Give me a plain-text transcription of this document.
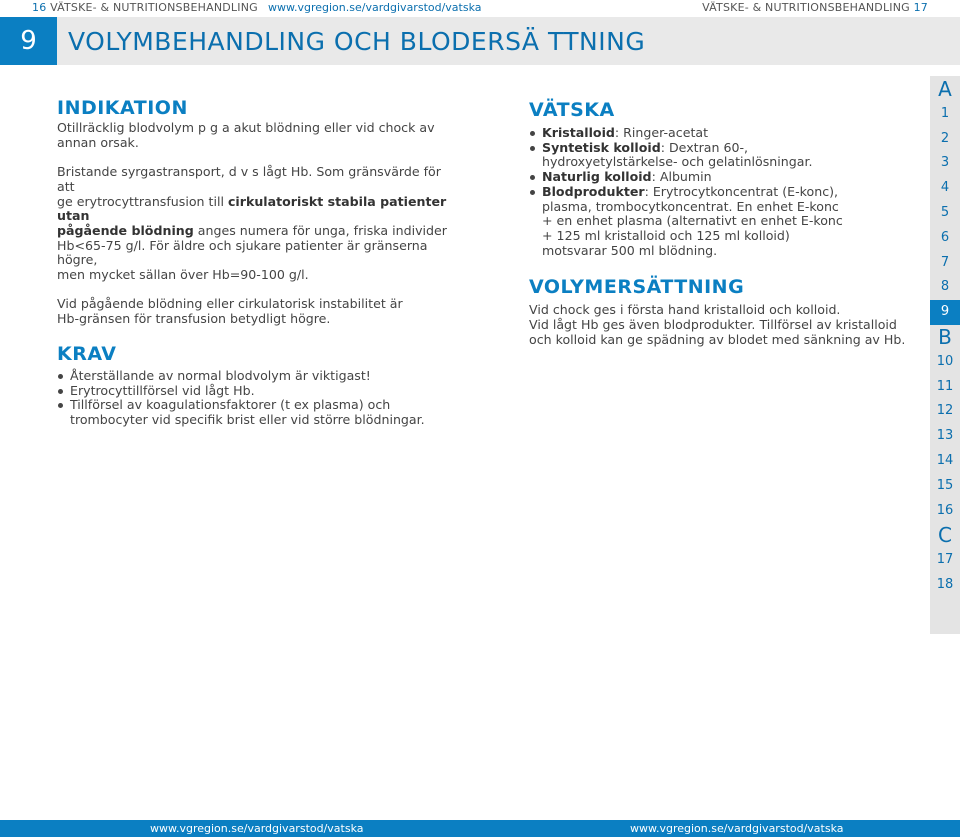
16 VÄTSKE- & NUTRITIONSBEHANDLING www.vgregion.se/vardgivarstod/vatska	VÄTSKE- & NUTRITIONSBEHANDLING 17
9	VOLYMBEHANDLING OCH BLODERSÄ TTNING
INDIKATION

Otillräcklig blodvolym p g a akut blödning eller vid chock av
annan orsak.

Bristande syrgastransport, d v s lågt Hb. Som gränsvärde för att
ge erytrocyttransfusion till cirkulatoriskt stabila patienter utan
pågående blödning anges numera för unga, friska individer
Hb<65-75 g/l. För äldre och sjukare patienter är gränserna högre,
men mycket sällan över Hb=90-100 g/l.

Vid pågående blödning eller cirkulatorisk instabilitet är
Hb-gränsen för transfusion betydligt högre.

KRAV
Återställande av normal blodvolym är viktigast!
Erytrocyttillförsel vid lågt Hb.
Tillförsel av koagulationsfaktorer (t ex plasma) och
trombocyter vid specifik brist eller vid större blödningar.
VÄTSKA
Kristalloid: Ringer-acetat
Syntetisk kolloid: Dextran 60-,
hydroxyetylstärkelse- och gelatinlösningar.
Naturlig kolloid: Albumin
Blodprodukter: Erytrocytkoncentrat (E-konc),
plasma, trombocytkoncentrat. En enhet E-konc
+ en enhet plasma (alternativt en enhet E-konc
+ 125 ml kristalloid och 125 ml kolloid)
motsvarar 500 ml blödning.
VOLYMERSÄTTNING

Vid chock ges i första hand kristalloid och kolloid.
Vid lågt Hb ges även blodprodukter. Tillförsel av kristalloid
och kolloid kan ge spädning av blodet med sänkning av Hb.

A
1
2
3
4
5
6
7
8
9
B
10
11
12
13
14
15
16
C
17
18
www.vgregion.se/vardgivarstod/vatska	www.vgregion.se/vardgivarstod/vatska
